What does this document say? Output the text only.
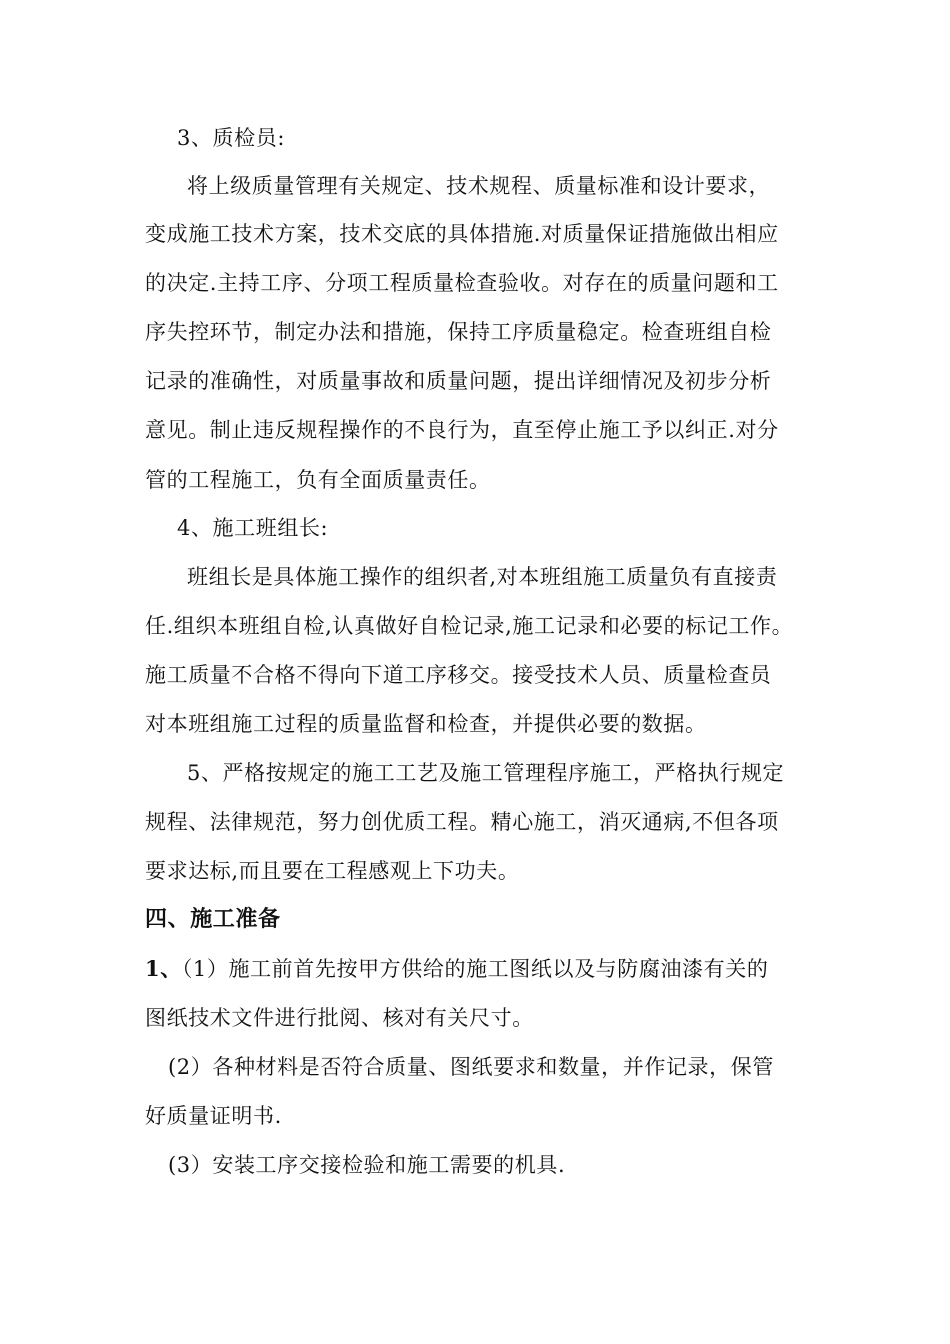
3、质检员:
将上级质量管理有关规定、技术规程、质量标准和设计要求，
变成施工技术方案，技术交底的具体措施.对质量保证措施做出相应
的决定.主持工序、分项工程质量检查验收。对存在的质量问题和工
序失控环节，制定办法和措施，保持工序质量稳定。检查班组自检
记录的准确性，对质量事故和质量问题，提出详细情况及初步分析
意见。制止违反规程操作的不良行为，直至停止施工予以纠正.对分
管的工程施工，负有全面质量责任。
4、施工班组长:
班组长是具体施工操作的组织者,对本班组施工质量负有直接责
任.组织本班组自检,认真做好自检记录,施工记录和必要的标记工作。
施工质量不合格不得向下道工序移交。接受技术人员、质量检查员
对本班组施工过程的质量监督和检查，并提供必要的数据。
5、严格按规定的施工工艺及施工管理程序施工，严格执行规定
规程、法律规范，努力创优质工程。精心施工，消灭通病,不但各项
要求达标,而且要在工程感观上下功夫。
四、施工准备
1、（1）施工前首先按甲方供给的施工图纸以及与防腐油漆有关的
图纸技术文件进行批阅、核对有关尺寸。
(2）各种材料是否符合质量、图纸要求和数量，并作记录，保管
好质量证明书.
(3）安装工序交接检验和施工需要的机具.
